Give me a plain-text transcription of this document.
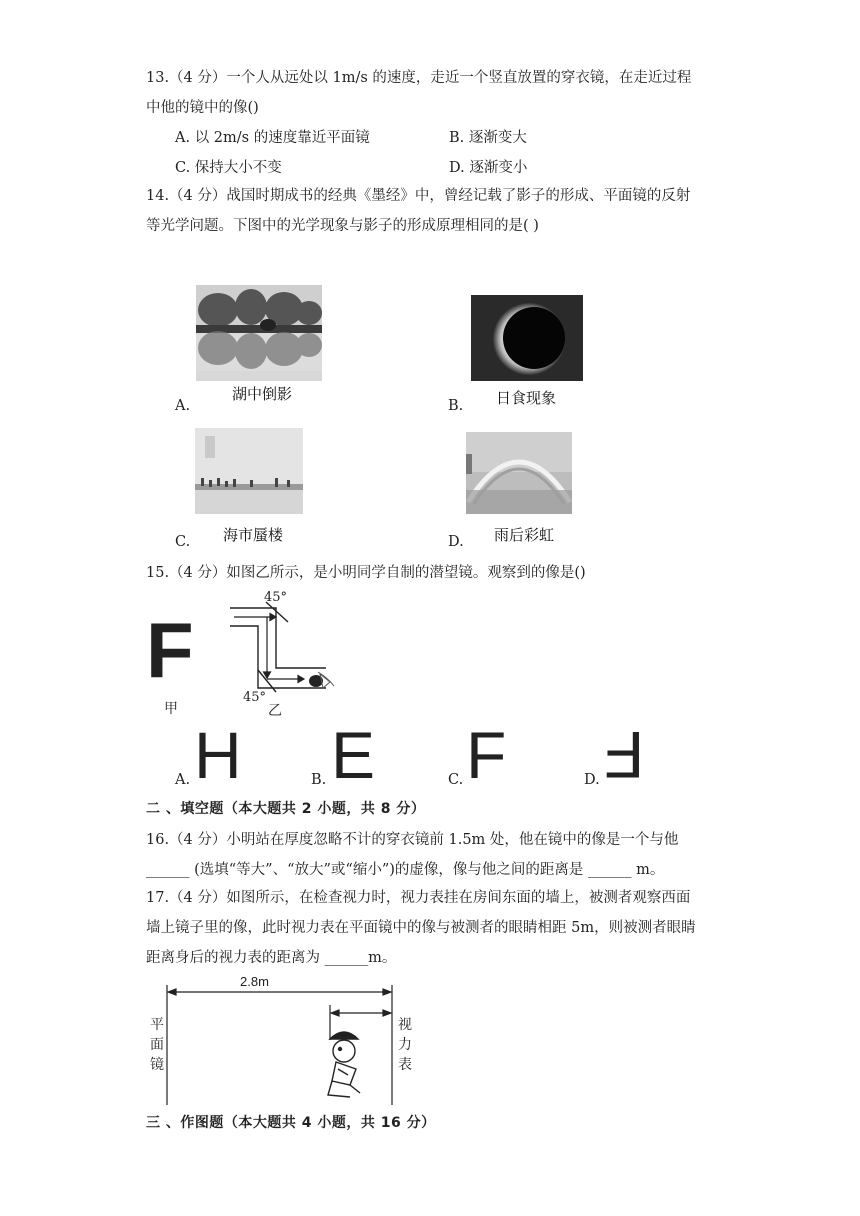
13.（4 分）一个人从远处以 1m/s 的速度，走近一个竖直放置的穿衣镜，在走近过程
中他的镜中的像()
A. 以 2m/s 的速度靠近平面镜	B. 逐渐变大
C. 保持大小不变	D. 逐渐变小
14.（4 分）战国时期成书的经典《墨经》中，曾经记载了影子的形成、平面镜的反射
等光学问题。下图中的光学现象与影子的形成原理相同的是( )
A.
湖中倒影
B. 日食现象
C. 海市蜃楼	D. 雨后彩虹
15.（4 分）如图乙所示，是小明同学自制的潜望镜。观察到的像是()
F
甲
45°
45°
乙
A. H	B. E	C. F	D. F
二 、填空题（本大题共 2 小题，共 8 分）
16.（4 分）小明站在厚度忽略不计的穿衣镜前 1.5m 处，他在镜中的像是一个与他
______ (选填“等大”、“放大”或“缩小”)的虚像，像与他之间的距离是 ______ m。
17.（4 分）如图所示，在检查视力时，视力表挂在房间东面的墙上，被测者观察西面
墙上镜子里的像，此时视力表在平面镜中的像与被测者的眼睛相距 5m，则被测者眼睛
距离身后的视力表的距离为 ______m。
2.8m
平
面
镜
视
力
表
三 、作图题（本大题共 4 小题，共 16 分）
